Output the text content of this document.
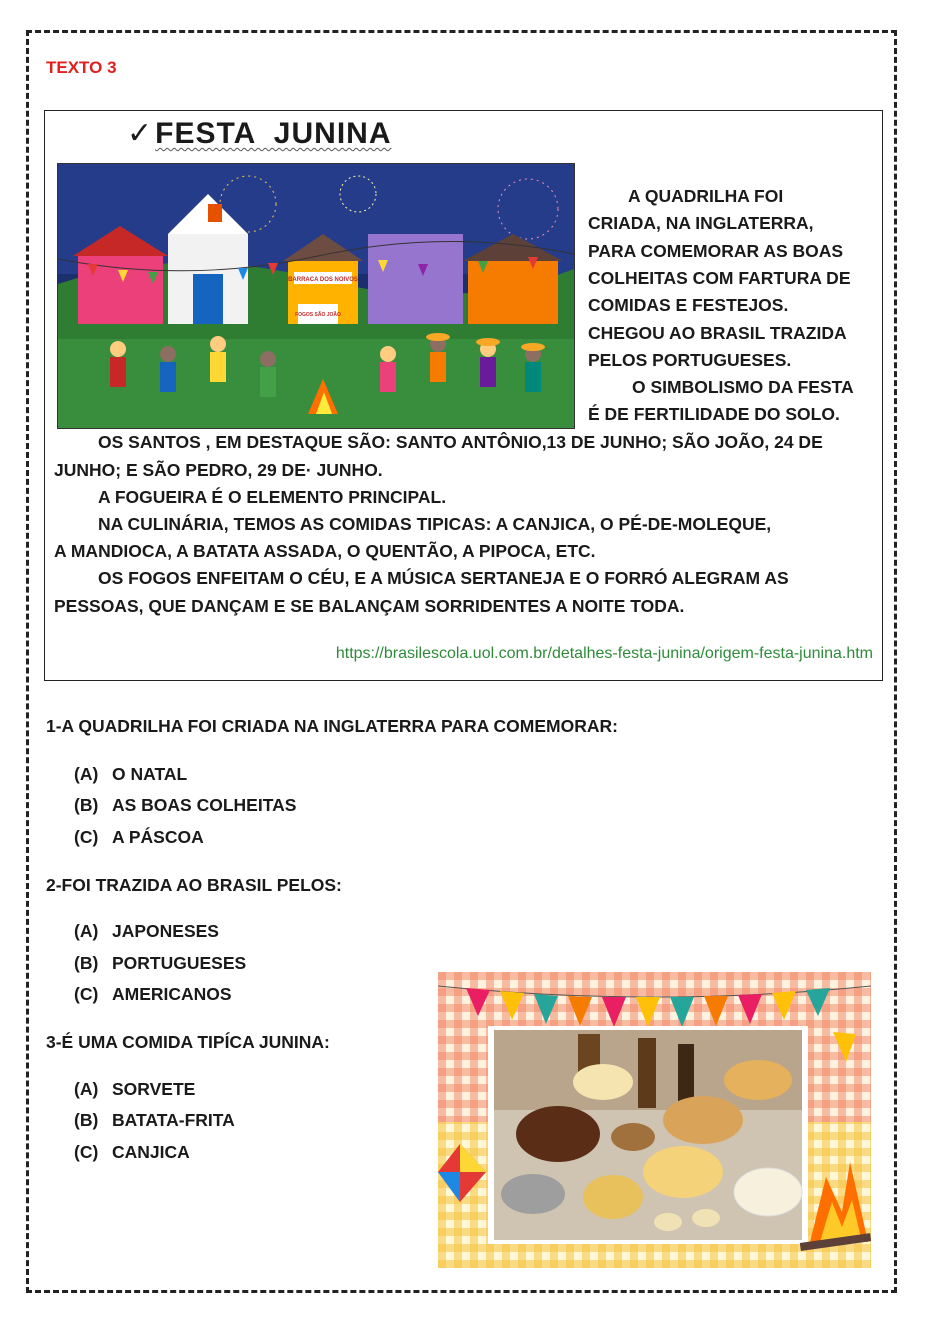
TEXTO 3
✓FESTA  JUNINA
BARRACA DOS NOIVOS
FOGOS SÃO JOÃO
A QUADRILHA FOI
CRIADA, NA INGLATERRA,
PARA COMEMORAR AS BOAS
COLHEITAS COM FARTURA DE
COMIDAS E FESTEJOS.
CHEGOU AO BRASIL TRAZIDA
PELOS PORTUGUESES.
O SIMBOLISMO DA FESTA
É DE FERTILIDADE DO SOLO.
OS SANTOS , EM DESTAQUE SÃO: SANTO ANTÔNIO,13 DE JUNHO; SÃO JOÃO, 24 DE
JUNHO; E SÃO PEDRO, 29 DE· JUNHO.
A FOGUEIRA É O ELEMENTO PRINCIPAL.
NA CULINÁRIA, TEMOS AS COMIDAS TIPICAS: A CANJICA, O PÉ-DE-MOLEQUE,
A MANDIOCA, A BATATA ASSADA, O QUENTÃO, A PIPOCA, ETC.
OS FOGOS ENFEITAM O CÉU, E A MÚSICA SERTANEJA E O FORRÓ ALEGRAM AS
PESSOAS, QUE DANÇAM E SE BALANÇAM SORRIDENTES A NOITE TODA.
https://brasilescola.uol.com.br/detalhes-festa-junina/origem-festa-junina.htm
1-A QUADRILHA FOI CRIADA NA INGLATERRA PARA COMEMORAR:
(A) O NATAL
(B) AS BOAS COLHEITAS
(C) A PÁSCOA
2-FOI TRAZIDA AO BRASIL PELOS:
(A) JAPONESES
(B) PORTUGUESES
(C) AMERICANOS
3-É UMA COMIDA TIPÍCA JUNINA:
(A) SORVETE
(B) BATATA-FRITA
(C) CANJICA
